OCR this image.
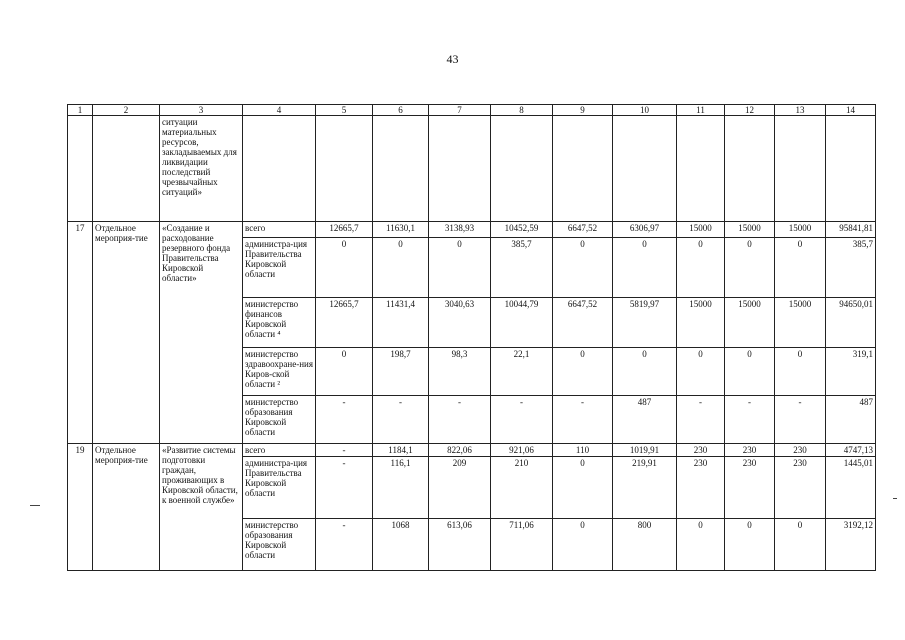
43
1	2	3	4	5	6	7	8	9	10	11	12	13	14
		ситуации материальных ресурсов, закладываемых для ликвидации последствий чрезвычайных ситуаций»											
17	Отдельное мероприя-тие	«Создание и расходование резервного фонда Правительства Кировской области»	всего	12665,7	11630,1	3138,93	10452,59	6647,52	6306,97	15000	15000	15000	95841,81
			администра-ция Правительства Кировской области	0	0	0	385,7	0	0	0	0	0	385,7
			министерство финансов Кировской области ⁴	12665,7	11431,4	3040,63	10044,79	6647,52	5819,97	15000	15000	15000	94650,01
			министерство здравоохране-ния Киров-ской области ²	0	198,7	98,3	22,1	0	0	0	0	0	319,1
			министерство образования Кировской области	-	-	-	-	-	487	-	-	-	487
19	Отдельное мероприя-тие	«Развитие системы подготовки граждан, проживающих в Кировской области, к военной службе»	всего	-	1184,1	822,06	921,06	110	1019,91	230	230	230	4747,13
			администра-ция Правительства Кировской области	-	116,1	209	210	0	219,91	230	230	230	1445,01
			министерство образования Кировской области	-	1068	613,06	711,06	0	800	0	0	0	3192,12
